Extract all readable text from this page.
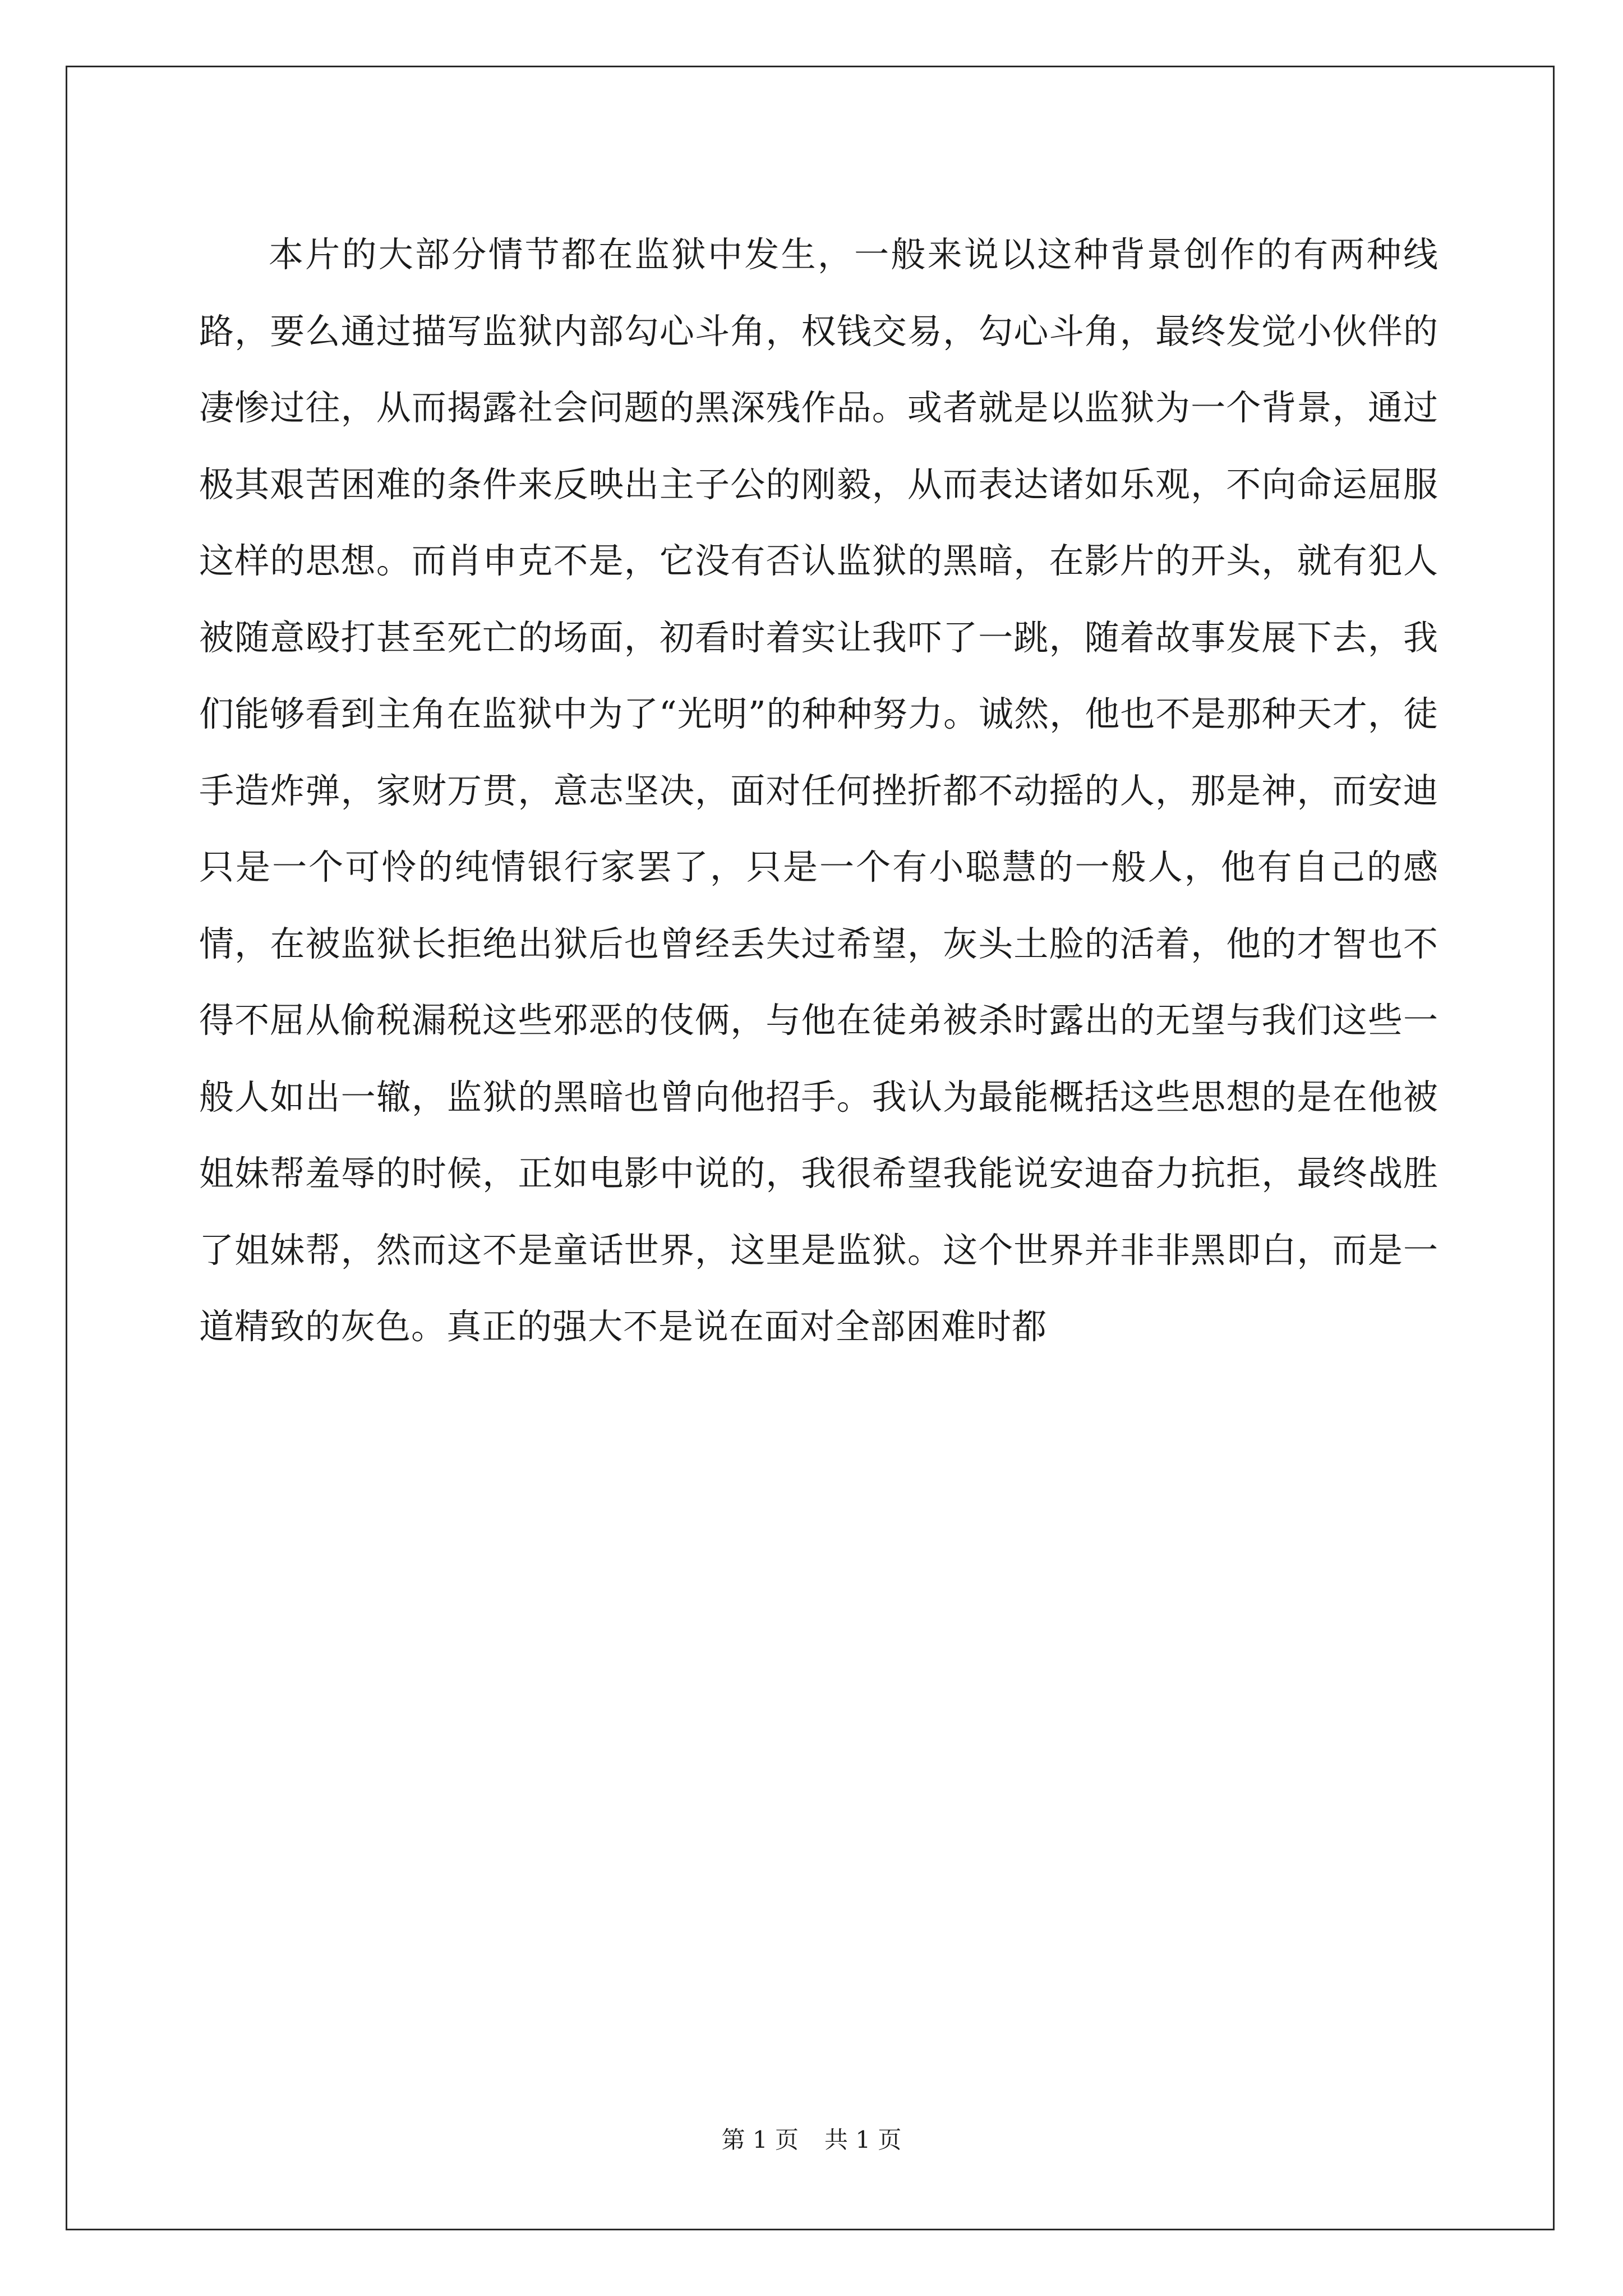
本片的大部分情节都在监狱中发生，一般来说以这种背景创作的有两种线路，要么通过描写监狱内部勾心斗角，权钱交易，勾心斗角，最终发觉小伙伴的凄惨过往，从而揭露社会问题的黑深残作品。或者就是以监狱为一个背景，通过极其艰苦困难的条件来反映出主子公的刚毅，从而表达诸如乐观，不向命运屈服这样的思想。而肖申克不是，它没有否认监狱的黑暗，在影片的开头，就有犯人被随意殴打甚至死亡的场面，初看时着实让我吓了一跳，随着故事发展下去，我们能够看到主角在监狱中为了“光明”的种种努力。诚然，他也不是那种天才，徒手造炸弹，家财万贯，意志坚决，面对任何挫折都不动摇的人，那是神，而安迪只是一个可怜的纯情银行家罢了，只是一个有小聪慧的一般人，他有自己的感情，在被监狱长拒绝出狱后也曾经丢失过希望，灰头土脸的活着，他的才智也不得不屈从偷税漏税这些邪恶的伎俩，与他在徒弟被杀时露出的无望与我们这些一般人如出一辙，监狱的黑暗也曾向他招手。我认为最能概括这些思想的是在他被姐妹帮羞辱的时候，正如电影中说的，我很希望我能说安迪奋力抗拒，最终战胜了姐妹帮，然而这不是童话世界，这里是监狱。这个世界并非非黑即白，而是一道精致的灰色。真正的强大不是说在面对全部困难时都

第 1 页 共 1 页
